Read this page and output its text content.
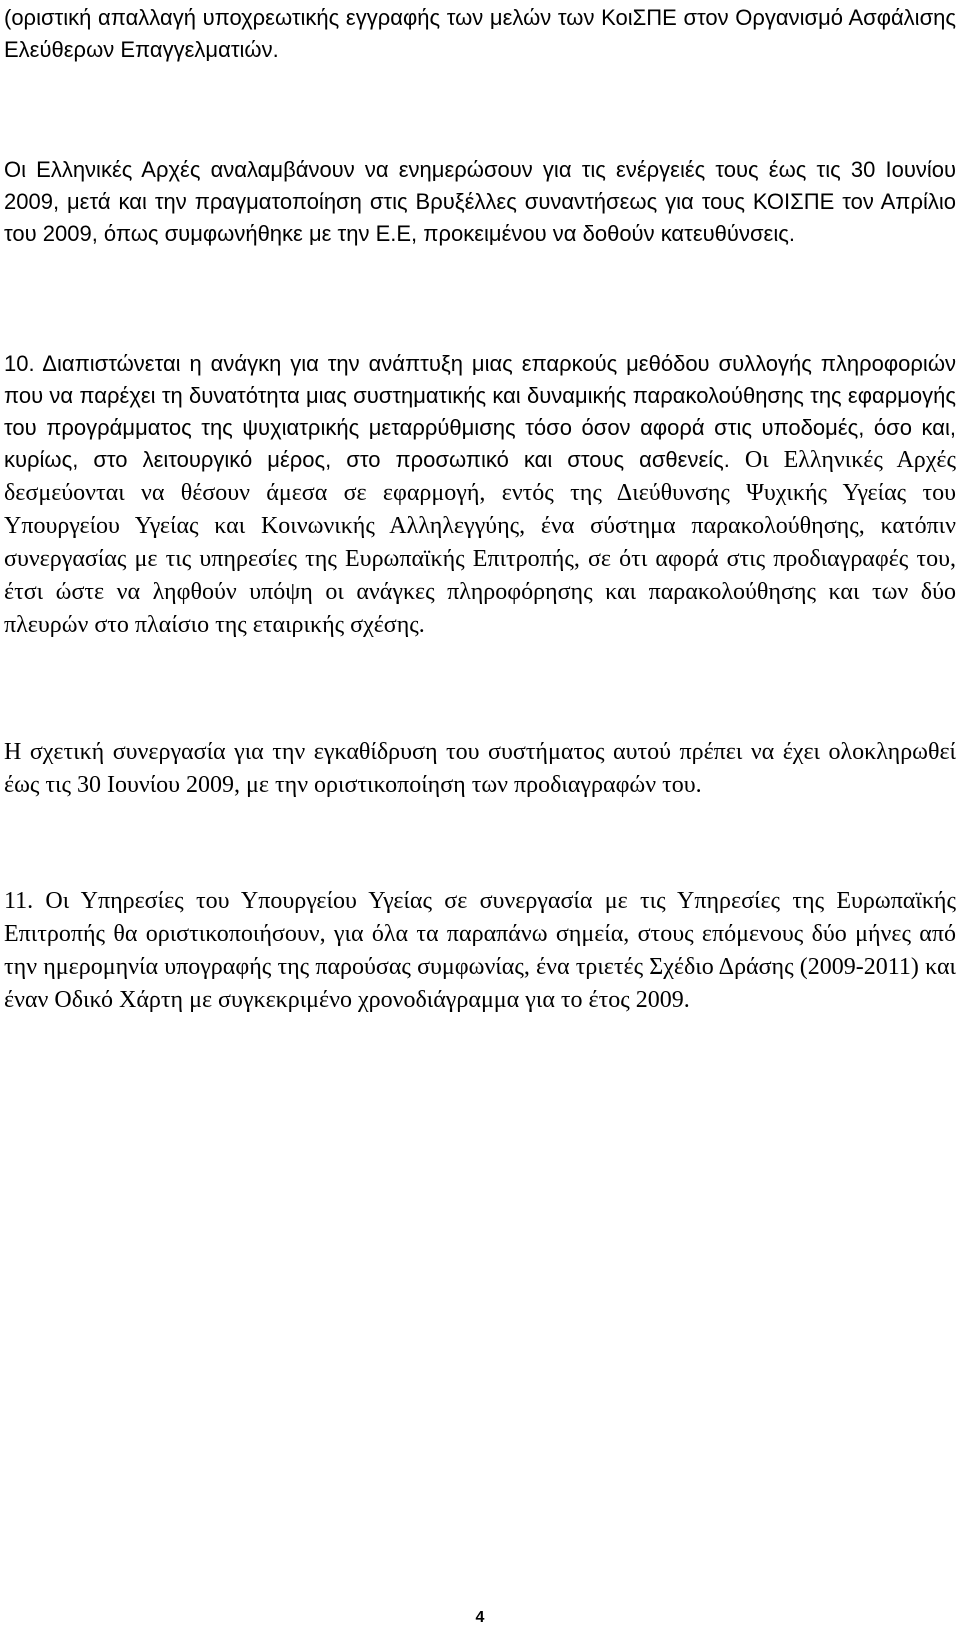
(οριστική απαλλαγή υποχρεωτικής εγγραφής των μελών των ΚοιΣΠΕ στον Οργανισμό Ασφάλισης Ελεύθερων Επαγγελματιών.

Οι Ελληνικές Αρχές αναλαμβάνουν να ενημερώσουν για τις ενέργειές τους έως τις 30 Ιουνίου 2009, μετά και την πραγματοποίηση στις Βρυξέλλες συναντήσεως για τους ΚΟΙΣΠΕ τον Απρίλιο του 2009, όπως συμφωνήθηκε με την Ε.Ε, προκειμένου να δοθούν κατευθύνσεις.

10. Διαπιστώνεται η ανάγκη για την ανάπτυξη μιας επαρκούς μεθόδου συλλογής πληροφοριών που να παρέχει τη δυνατότητα μιας συστηματικής και δυναμικής παρακολούθησης της εφαρμογής του προγράμματος της ψυχιατρικής μεταρρύθμισης τόσο όσον αφορά στις υποδομές, όσο και, κυρίως, στο λειτουργικό μέρος, στο προσωπικό και στους ασθενείς. Οι Ελληνικές Αρχές δεσμεύονται να θέσουν άμεσα σε εφαρμογή, εντός της Διεύθυνσης Ψυχικής Υγείας του Υπουργείου Υγείας και Κοινωνικής Αλληλεγγύης, ένα σύστημα παρακολούθησης, κατόπιν συνεργασίας με τις υπηρεσίες της Ευρωπαϊκής Επιτροπής, σε ότι αφορά στις προδιαγραφές του, έτσι ώστε να ληφθούν υπόψη οι ανάγκες πληροφόρησης και παρακολούθησης και των δύο πλευρών στο πλαίσιο της εταιρικής σχέσης.

Η σχετική συνεργασία για την εγκαθίδρυση του συστήματος αυτού πρέπει να έχει ολοκληρωθεί έως τις 30 Ιουνίου 2009, με την οριστικοποίηση των προδιαγραφών του.

11. Οι Υπηρεσίες του Υπουργείου Υγείας σε συνεργασία με τις Υπηρεσίες της Ευρωπαϊκής Επιτροπής θα οριστικοποιήσουν, για όλα τα παραπάνω σημεία, στους επόμενους δύο μήνες από την ημερομηνία υπογραφής της παρούσας συμφωνίας, ένα τριετές Σχέδιο Δράσης (2009-2011) και έναν Οδικό Χάρτη με συγκεκριμένο χρονοδιάγραμμα για το έτος 2009.

4
